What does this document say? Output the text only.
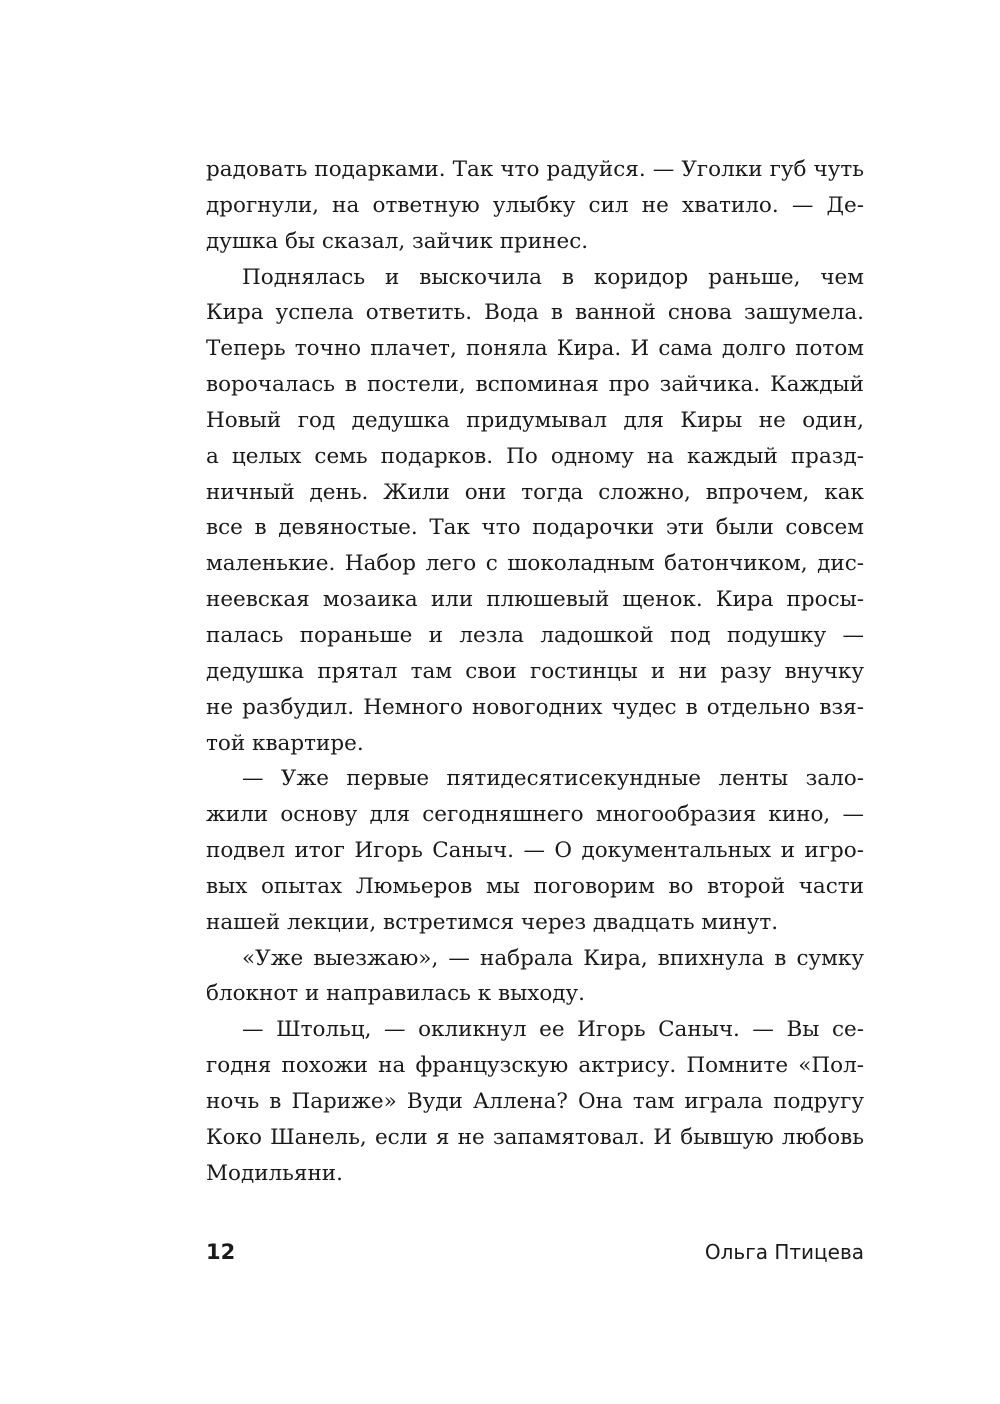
радовать подарками. Так что радуйся. — Уголки губ чуть
дрогнули, на ответную улыбку сил не хватило. — Де-
душка бы сказал, зайчик принес.
Поднялась и выскочила в коридор раньше, чем
Кира успела ответить. Вода в ванной снова зашумела.
Теперь точно плачет, поняла Кира. И сама долго потом
ворочалась в постели, вспоминая про зайчика. Каждый
Новый год дедушка придумывал для Киры не один,
а целых семь подарков. По одному на каждый празд-
ничный день. Жили они тогда сложно, впрочем, как
все в девяностые. Так что подарочки эти были совсем
маленькие. Набор лего с шоколадным батончиком, дис-
неевская мозаика или плюшевый щенок. Кира просы-
палась пораньше и лезла ладошкой под подушку —
дедушка прятал там свои гостинцы и ни разу внучку
не разбудил. Немного новогодних чудес в отдельно взя-
той квартире.
— Уже первые пятидесятисекундные ленты зало-
жили основу для сегодняшнего многообразия кино, —
подвел итог Игорь Саныч. — О документальных и игро-
вых опытах Люмьеров мы поговорим во второй части
нашей лекции, встретимся через двадцать минут.
«Уже выезжаю», — набрала Кира, впихнула в сумку
блокнот и направилась к выходу.
— Штольц, — окликнул ее Игорь Саныч. — Вы се-
годня похожи на французскую актрису. Помните «Пол-
ночь в Париже» Вуди Аллена? Она там играла подругу
Коко Шанель, если я не запамятовал. И бывшую любовь
Модильяни.
12	Ольга Птицева
